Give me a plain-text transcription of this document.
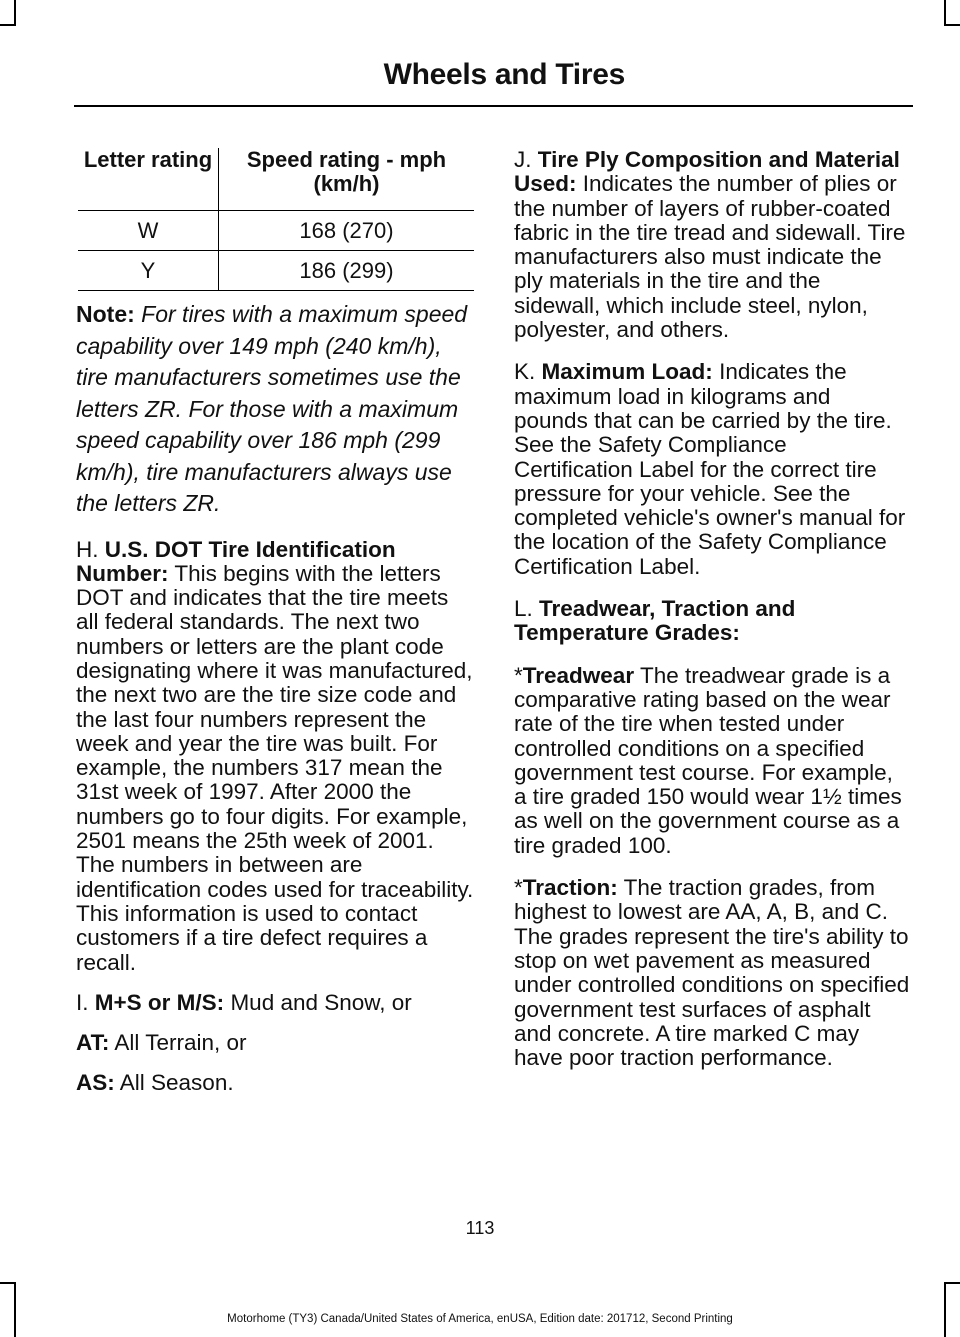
Wheels and Tires
Letter rating	Speed rating - mph (km/h)
W	168 (270)
Y	186 (299)

Note: For tires with a maximum speed capability over 149 mph (240 km/h), tire manufacturers sometimes use the letters ZR. For those with a maximum speed capability over 186 mph (299 km/h), tire manufacturers always use the letters ZR.

H. U.S. DOT Tire Identification Number: This begins with the letters DOT and indicates that the tire meets all federal standards. The next two numbers or letters are the plant code designating where it was manufactured, the next two are the tire size code and the last four numbers represent the week and year the tire was built. For example, the numbers 317 mean the 31st week of 1997. After 2000 the numbers go to four digits. For example, 2501 means the 25th week of 2001. The numbers in between are identification codes used for traceability. This information is used to contact customers if a tire defect requires a recall.

I. M+S or M/S: Mud and Snow, or

AT: All Terrain, or

AS: All Season.

J. Tire Ply Composition and Material Used: Indicates the number of plies or the number of layers of rubber-coated fabric in the tire tread and sidewall. Tire manufacturers also must indicate the ply materials in the tire and the sidewall, which include steel, nylon, polyester, and others.

K. Maximum Load: Indicates the maximum load in kilograms and pounds that can be carried by the tire. See the Safety Compliance Certification Label for the correct tire pressure for your vehicle. See the completed vehicle's owner's manual for the location of the Safety Compliance Certification Label.

L. Treadwear, Traction and Temperature Grades:

*Treadwear The treadwear grade is a comparative rating based on the wear rate of the tire when tested under controlled conditions on a specified government test course. For example, a tire graded 150 would wear 1½ times as well on the government course as a tire graded 100.

*Traction: The traction grades, from highest to lowest are AA, A, B, and C. The grades represent the tire's ability to stop on wet pavement as measured under controlled conditions on specified government test surfaces of asphalt and concrete. A tire marked C may have poor traction performance.

113
Motorhome (TY3) Canada/United States of America, enUSA, Edition date: 201712, Second Printing
